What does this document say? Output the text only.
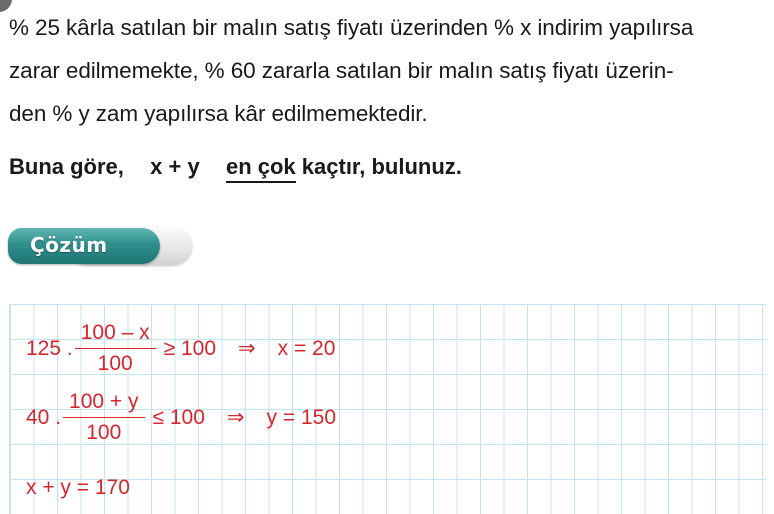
% 25 kârla satılan bir malın satış fiyatı üzerinden % x indirim yapılırsa
zarar edilmemekte, % 60 zararla satılan bir malın satış fiyatı üzerin-
den % y zam yapılırsa kâr edilmemektedir.
Buna göre, x + y en çok kaçtır, bulunuz.
Çözüm
125 . $\frac{100 - x}{100} \ge 100$ ⇒ x = 20
40 . $\frac{100 + y}{100} \le 100$ ⇒ y = 150
x + y = 170
